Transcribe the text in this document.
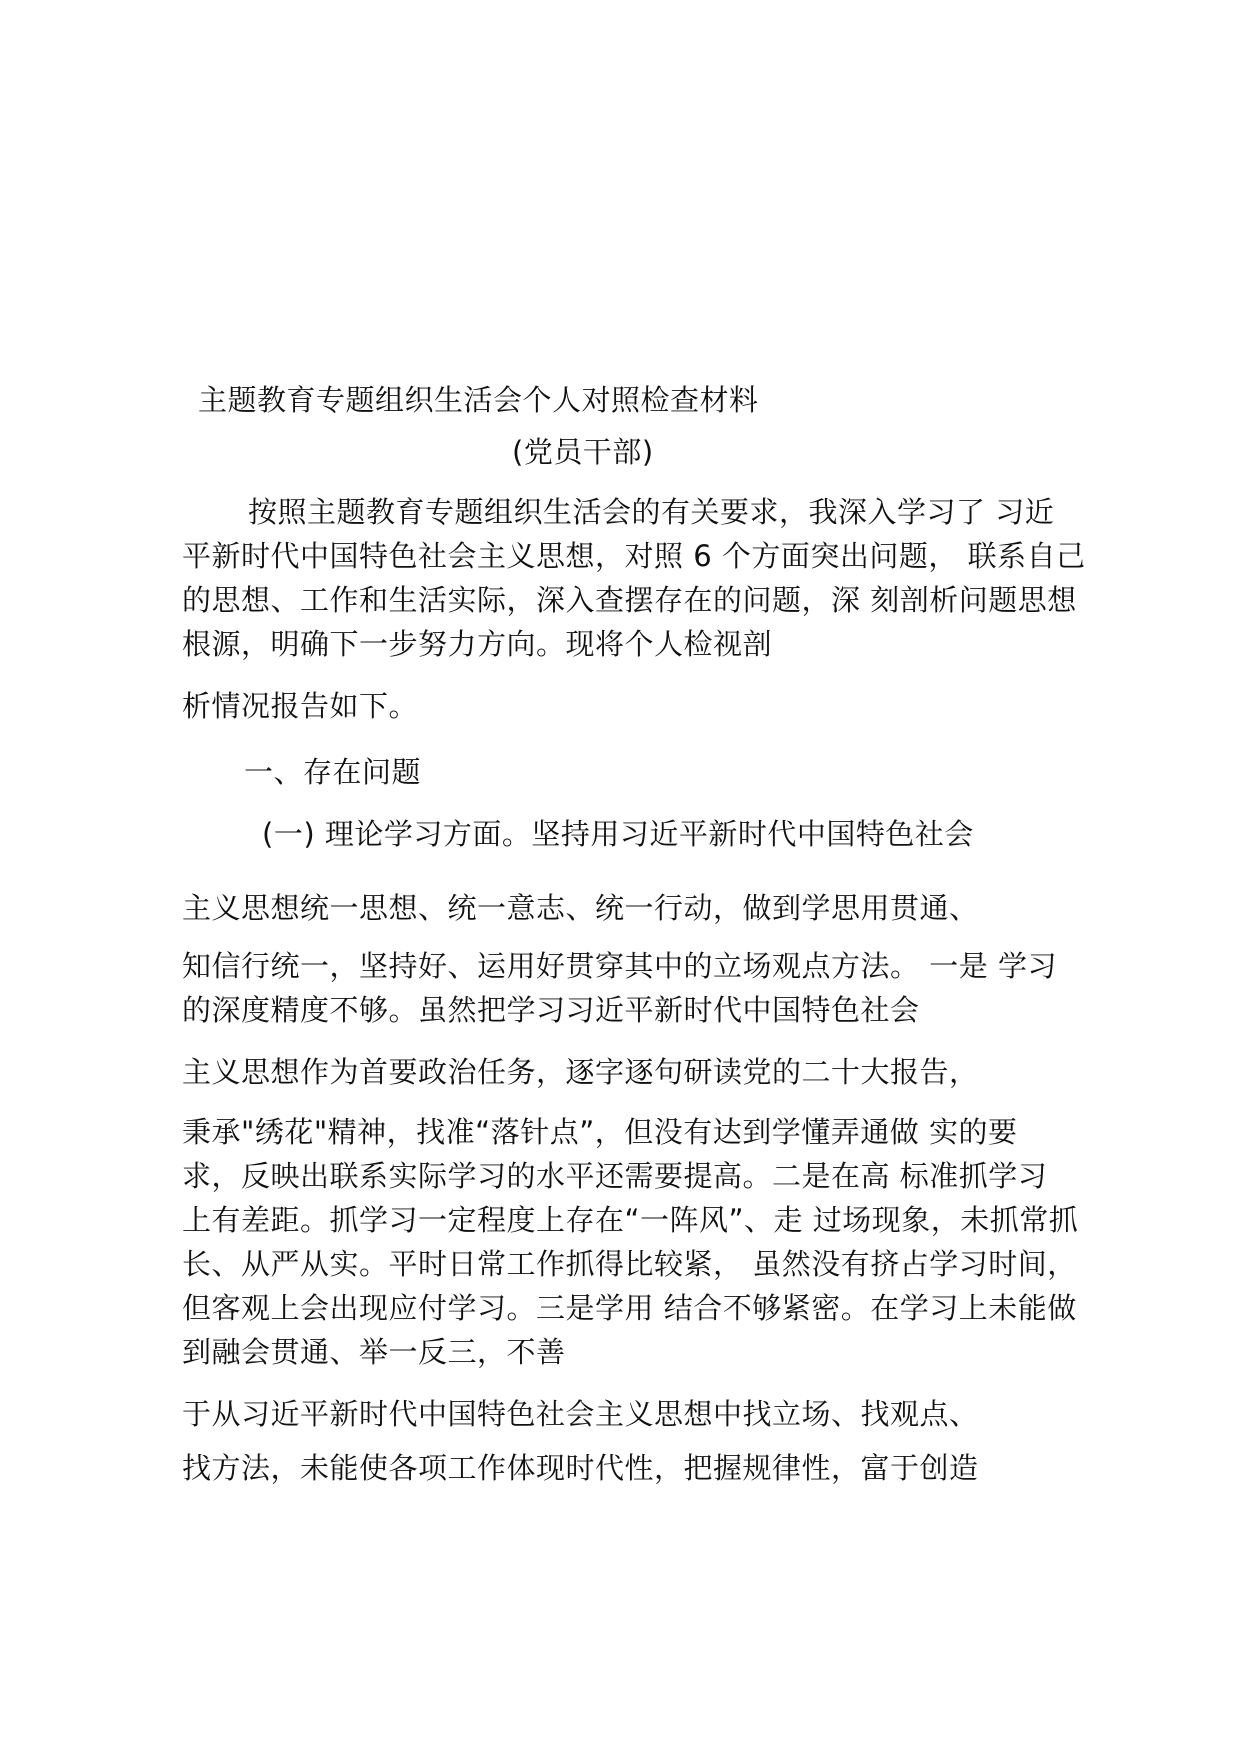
主题教育专题组织生活会个人对照检查材料
(党员干部)
按照主题教育专题组织生活会的有关要求，我深入学习了 习近
平新时代中国特色社会主义思想，对照 6 个方面突出问题， 联系自己
的思想、工作和生活实际，深入查摆存在的问题，深 刻剖析问题思想
根源，明确下一步努力方向。现将个人检视剖
析情况报告如下。
一、存在问题
(一) 理论学习方面。坚持用习近平新时代中国特色社会
主义思想统一思想、统一意志、统一行动，做到学思用贯通、
知信行统一，坚持好、运用好贯穿其中的立场观点方法。 一是 学习
的深度精度不够。虽然把学习习近平新时代中国特色社会
主义思想作为首要政治任务，逐字逐句研读党的二十大报告，
秉承"绣花"精神，找准“落针点”，但没有达到学懂弄通做 实的要
求，反映出联系实际学习的水平还需要提高。二是在高 标准抓学习
上有差距。抓学习一定程度上存在“一阵风”、走 过场现象，未抓常抓
长、从严从实。平时日常工作抓得比较紧， 虽然没有挤占学习时间，
但客观上会出现应付学习。三是学用 结合不够紧密。在学习上未能做
到融会贯通、举一反三，不善
于从习近平新时代中国特色社会主义思想中找立场、找观点、
找方法，未能使各项工作体现时代性，把握规律性，富于创造
